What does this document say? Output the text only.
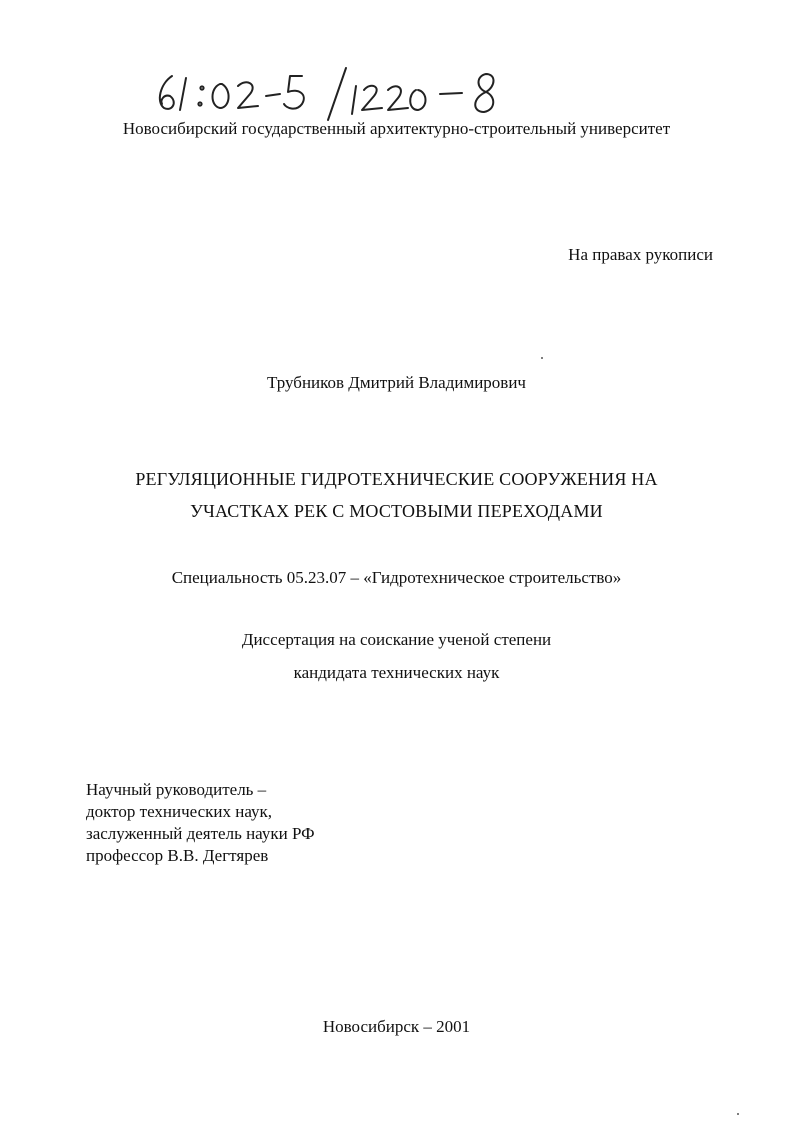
Новосибирский государственный архитектурно-строительный университет
На правах рукописи
Трубников Дмитрий Владимирович
РЕГУЛЯЦИОННЫЕ ГИДРОТЕХНИЧЕСКИЕ СООРУЖЕНИЯ НА
УЧАСТКАХ РЕК С МОСТОВЫМИ ПЕРЕХОДАМИ
Специальность 05.23.07 – «Гидротехническое строительство»
Диссертация на соискание ученой степени
кандидата технических наук
Научный руководитель –
доктор технических наук,
заслуженный деятель науки РФ
профессор В.В. Дегтярев
Новосибирск – 2001
